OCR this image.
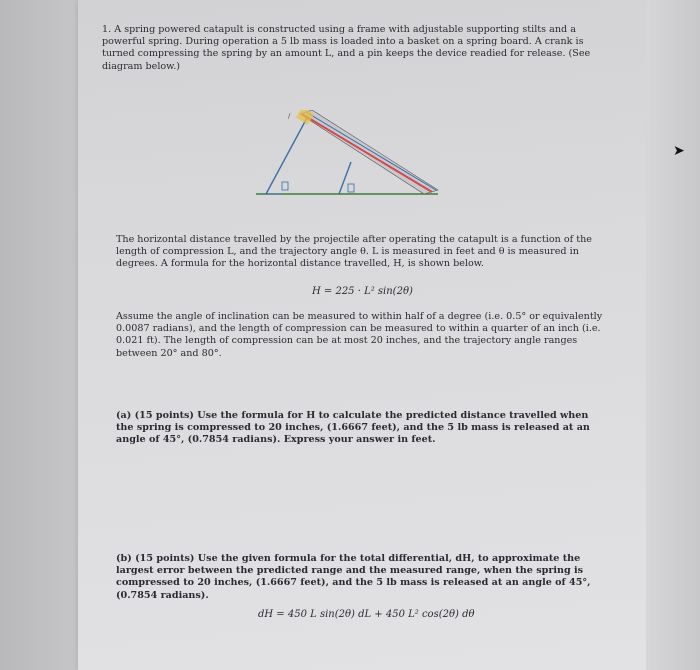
1. A spring powered catapult is constructed using a frame with adjustable supporting stilts and a powerful spring. During operation a 5 lb mass is loaded into a basket on a spring board. A crank is turned compressing the spring by an amount L, and a pin keeps the device readied for release. (See diagram below.)
/
The horizontal distance travelled by the projectile after operating the catapult is a function of the length of compression L, and the trajectory angle θ. L is measured in feet and θ is measured in degrees. A formula for the horizontal distance travelled, H, is shown below.
H = 225 · L² sin(2θ)
Assume the angle of inclination can be measured to within half of a degree (i.e. 0.5° or equivalently 0.0087 radians), and the length of compression can be measured to within a quarter of an inch (i.e. 0.021 ft). The length of compression can be at most 20 inches, and the trajectory angle ranges between 20° and 80°.
(a) (15 points) Use the formula for H to calculate the predicted distance travelled when the spring is compressed to 20 inches, (1.6667 feet), and the 5 lb mass is released at an angle of 45°, (0.7854 radians). Express your answer in feet.
(b) (15 points) Use the given formula for the total differential, dH, to approximate the largest error between the predicted range and the measured range, when the spring is compressed to 20 inches, (1.6667 feet), and the 5 lb mass is released at an angle of 45°, (0.7854 radians).
dH = 450 L sin(2θ) dL + 450 L² cos(2θ) dθ
➤
